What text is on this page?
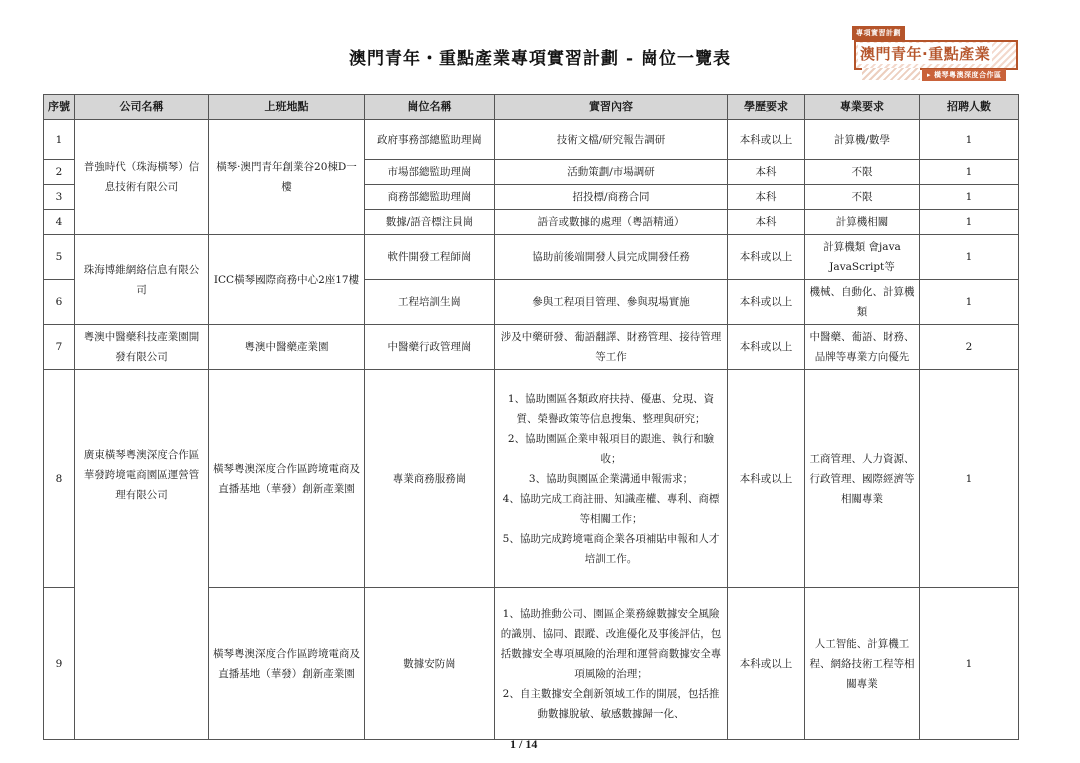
澳門青年・重點產業專項實習計劃 - 崗位一覽表
專項實習計劃
澳門青年·重點產業
▸ 橫琴粵澳深度合作區
序號	公司名稱	上班地點	崗位名稱	實習內容	學歷要求	專業要求	招聘人數
1	普強時代（珠海橫琴）信息技術有限公司	橫琴·澳門青年創業谷20棟D一樓	政府事務部總監助理崗	技術文檔/研究報告調研	本科或以上	計算機/數學	1
2			市場部總監助理崗	活動策劃/市場調研	本科	不限	1
3			商務部總監助理崗	招投標/商務合同	本科	不限	1
4			數據/語音標注員崗	語音或數據的處理（粵語精通）	本科	計算機相關	1
5	珠海博維網絡信息有限公司	ICC橫琴國際商務中心2座17樓	軟件開發工程師崗	協助前後端開發人員完成開發任務	本科或以上	計算機類 會java JavaScript等	1
6			工程培訓生崗	參與工程項目管理、參與現場實施	本科或以上	機械、自動化、計算機類	1
7	粵澳中醫藥科技產業園開發有限公司	粵澳中醫藥產業園	中醫藥行政管理崗	涉及中藥研發、葡語翻譯、財務管理、接待管理等工作	本科或以上	中醫藥、葡語、財務、品牌等專業方向優先	2
8	廣東橫琴粵澳深度合作區華發跨境電商園區運營管理有限公司	橫琴粵澳深度合作區跨境電商及直播基地（華發）創新產業園	專業商務服務崗	1、協助園區各類政府扶持、優惠、兌現、資質、榮譽政策等信息搜集、整理與研究；
2、協助園區企業申報項目的跟進、執行和驗收；
3、協助與園區企業溝通申報需求；
4、協助完成工商註冊、知識產權、專利、商標等相關工作；
5、協助完成跨境電商企業各項補貼申報和人才培訓工作。	本科或以上	工商管理、人力資源、行政管理、國際經濟等相關專業	1
9		橫琴粵澳深度合作區跨境電商及直播基地（華發）創新產業園	數據安防崗	1、協助推動公司、園區企業務線數據安全風險的識別、協同、跟蹤、改進優化及事後評估，包括數據安全專項風險的治理和運營商數據安全專項風險的治理；
2、自主數據安全創新領域工作的開展，包括推動數據脫敏、敏感數據歸一化、	本科或以上	人工智能、計算機工程、網絡技術工程等相關專業	1
1 / 14
